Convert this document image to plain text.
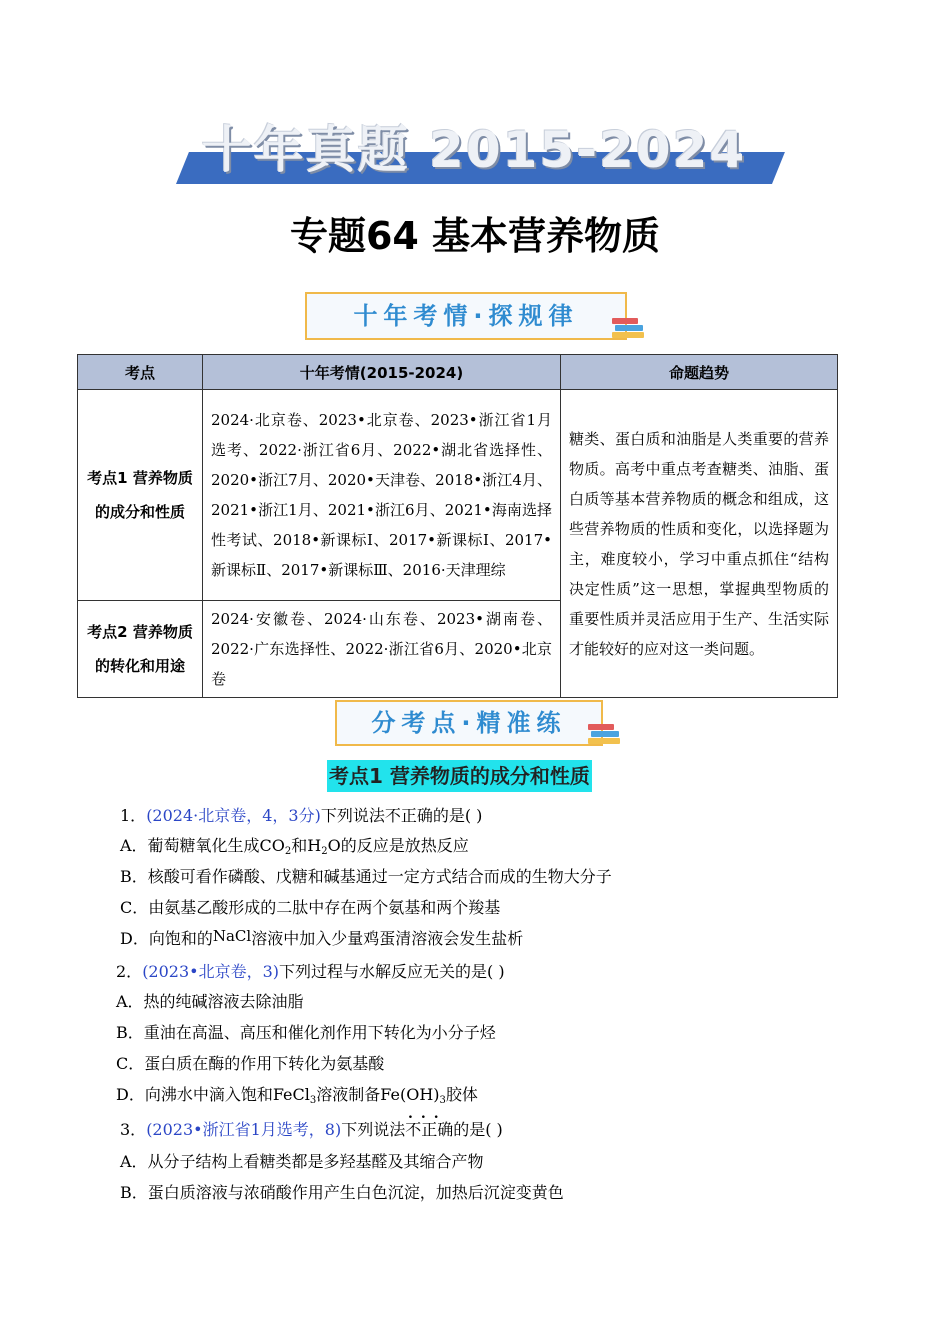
十年真题 2015-2024
专题64 基本营养物质
十年考情·探规律
考点	十年考情(2015-2024)	命题趋势
考点1 营养物质的成分和性质	2024·北京卷、2023•北京卷、2023•浙江省1月选考、2022·浙江省6月、2022•湖北省选择性、2020•浙江7月、2020•天津卷、2018•浙江4月、2021•浙江1月、2021•浙江6月、2021•海南选择性考试、2018•新课标Ⅰ、2017•新课标Ⅰ、2017•新课标Ⅱ、2017•新课标Ⅲ、2016·天津理综	糖类、蛋白质和油脂是人类重要的营养物质。高考中重点考查糖类、油脂、蛋白质等基本营养物质的概念和组成，这些营养物质的性质和变化，以选择题为主，难度较小，学习中重点抓住“结构决定性质”这一思想，掌握典型物质的重要性质并灵活应用于生产、生活实际才能较好的应对这一类问题。
考点2 营养物质的转化和用途	2024·安徽卷、2024·山东卷、2023•湖南卷、2022·广东选择性、2022·浙江省6月、2020•北京卷	
分考点·精准练
考点1 营养物质的成分和性质
1．(2024·北京卷，4，3分)下列说法不正确的是( )
A．葡萄糖氧化生成$CO_2$和$H_2O$的反应是放热反应
B．核酸可看作磷酸、戊糖和碱基通过一定方式结合而成的生物大分子
C．由氨基乙酸形成的二肽中存在两个氨基和两个羧基
D．向饱和的NaCl溶液中加入少量鸡蛋清溶液会发生盐析
2．(2023•北京卷，3)下列过程与水解反应无关的是( )
A．热的纯碱溶液去除油脂
B．重油在高温、高压和催化剂作用下转化为小分子烃
C．蛋白质在酶的作用下转化为氨基酸
D．向沸水中滴入饱和FeCl$_3$溶液制备$Fe(OH)_3$胶体
...
3．(2023•浙江省1月选考，8)下列说法不正确的是( )
A．从分子结构上看糖类都是多羟基醛及其缩合产物
B．蛋白质溶液与浓硝酸作用产生白色沉淀，加热后沉淀变黄色
